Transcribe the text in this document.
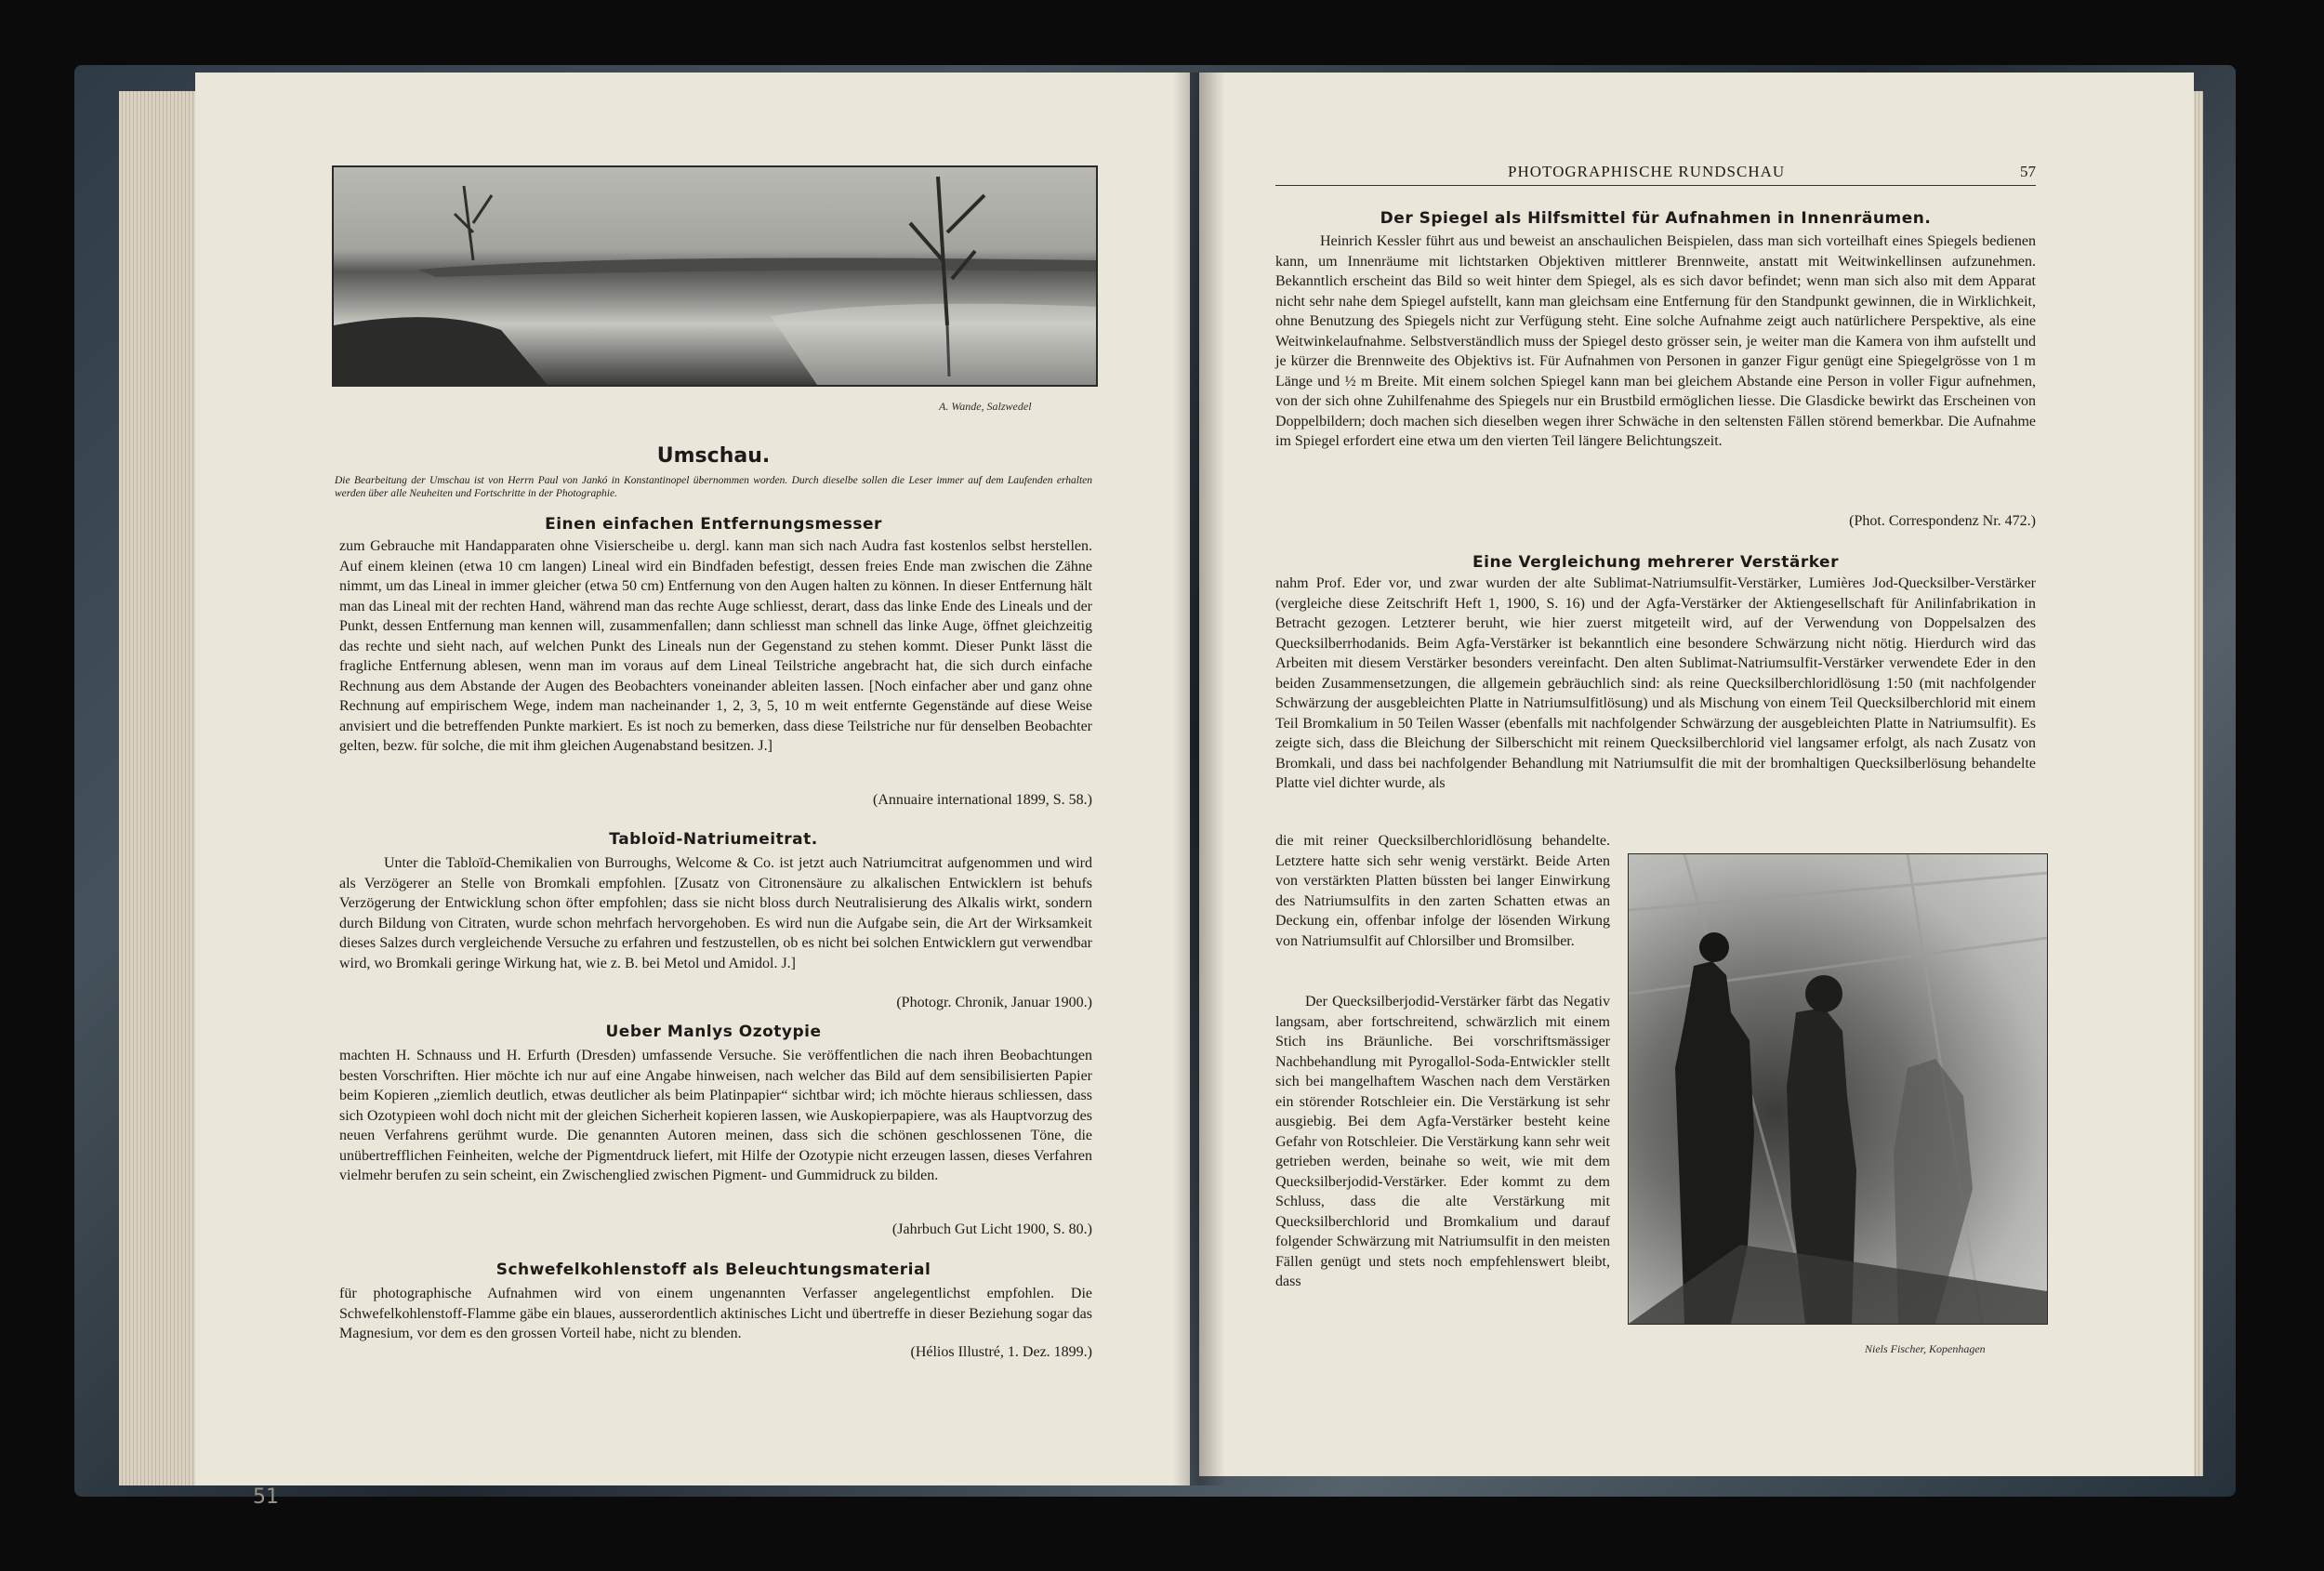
A. Wande, Salzwedel
Umschau.
Die Bearbeitung der Umschau ist von Herrn Paul von Jankó in Konstantinopel übernommen worden. Durch dieselbe sollen die Leser immer auf dem Laufenden erhalten werden über alle Neuheiten und Fortschritte in der Photographie.
Einen einfachen Entfernungsmesser
zum Gebrauche mit Handapparaten ohne Visierscheibe u. dergl. kann man sich nach Audra fast kostenlos selbst herstellen. Auf einem kleinen (etwa 10 cm langen) Lineal wird ein Bindfaden befestigt, dessen freies Ende man zwischen die Zähne nimmt, um das Lineal in immer gleicher (etwa 50 cm) Entfernung von den Augen halten zu können. In dieser Entfernung hält man das Lineal mit der rechten Hand, während man das rechte Auge schliesst, derart, dass das linke Ende des Lineals und der Punkt, dessen Entfernung man kennen will, zusammenfallen; dann schliesst man schnell das linke Auge, öffnet gleichzeitig das rechte und sieht nach, auf welchen Punkt des Lineals nun der Gegenstand zu stehen kommt. Dieser Punkt lässt die fragliche Entfernung ablesen, wenn man im voraus auf dem Lineal Teilstriche angebracht hat, die sich durch einfache Rechnung aus dem Abstande der Augen des Beobachters voneinander ableiten lassen. [Noch einfacher aber und ganz ohne Rechnung auf empirischem Wege, indem man nacheinander 1, 2, 3, 5, 10 m weit entfernte Gegenstände auf diese Weise anvisiert und die betreffenden Punkte markiert. Es ist noch zu bemerken, dass diese Teilstriche nur für denselben Beobachter gelten, bezw. für solche, die mit ihm gleichen Augenabstand besitzen. J.]
(Annuaire international 1899, S. 58.)
Tabloïd-Natriumeitrat.
Unter die Tabloïd-Chemikalien von Burroughs, Welcome & Co. ist jetzt auch Natriumcitrat aufgenommen und wird als Verzögerer an Stelle von Bromkali empfohlen. [Zusatz von Citronensäure zu alkalischen Entwicklern ist behufs Verzögerung der Entwicklung schon öfter empfohlen; dass sie nicht bloss durch Neutralisierung des Alkalis wirkt, sondern durch Bildung von Citraten, wurde schon mehrfach hervorgehoben. Es wird nun die Aufgabe sein, die Art der Wirksamkeit dieses Salzes durch vergleichende Versuche zu erfahren und festzustellen, ob es nicht bei solchen Entwicklern gut verwendbar wird, wo Bromkali geringe Wirkung hat, wie z. B. bei Metol und Amidol. J.]
(Photogr. Chronik, Januar 1900.)
Ueber Manlys Ozotypie
machten H. Schnauss und H. Erfurth (Dresden) umfassende Versuche. Sie veröffentlichen die nach ihren Beobachtungen besten Vorschriften. Hier möchte ich nur auf eine Angabe hinweisen, nach welcher das Bild auf dem sensibilisierten Papier beim Kopieren „ziemlich deutlich, etwas deutlicher als beim Platinpapier“ sichtbar wird; ich möchte hieraus schliessen, dass sich Ozotypieen wohl doch nicht mit der gleichen Sicherheit kopieren lassen, wie Auskopierpapiere, was als Hauptvorzug des neuen Verfahrens gerühmt wurde. Die genannten Autoren meinen, dass sich die schönen geschlossenen Töne, die unübertrefflichen Feinheiten, welche der Pigmentdruck liefert, mit Hilfe der Ozotypie nicht erzeugen lassen, dieses Verfahren vielmehr berufen zu sein scheint, ein Zwischenglied zwischen Pigment- und Gummidruck zu bilden.
(Jahrbuch Gut Licht 1900, S. 80.)
Schwefelkohlenstoff als Beleuchtungsmaterial
für photographische Aufnahmen wird von einem ungenannten Verfasser angelegentlichst empfohlen. Die Schwefelkohlenstoff-Flamme gäbe ein blaues, ausserordentlich aktinisches Licht und übertreffe in dieser Beziehung sogar das Magnesium, vor dem es den grossen Vorteil habe, nicht zu blenden.
(Hélios Illustré, 1. Dez. 1899.)
51
PHOTOGRAPHISCHE RUNDSCHAU	57
Der Spiegel als Hilfsmittel für Aufnahmen in Innenräumen.
Heinrich Kessler führt aus und beweist an anschaulichen Beispielen, dass man sich vorteilhaft eines Spiegels bedienen kann, um Innenräume mit lichtstarken Objektiven mittlerer Brennweite, anstatt mit Weitwinkellinsen aufzunehmen. Bekanntlich erscheint das Bild so weit hinter dem Spiegel, als es sich davor befindet; wenn man sich also mit dem Apparat nicht sehr nahe dem Spiegel aufstellt, kann man gleichsam eine Entfernung für den Standpunkt gewinnen, die in Wirklichkeit, ohne Benutzung des Spiegels nicht zur Verfügung steht. Eine solche Aufnahme zeigt auch natürlichere Perspektive, als eine Weitwinkelaufnahme. Selbstverständlich muss der Spiegel desto grösser sein, je weiter man die Kamera von ihm aufstellt und je kürzer die Brennweite des Objektivs ist. Für Aufnahmen von Personen in ganzer Figur genügt eine Spiegelgrösse von 1 m Länge und ½ m Breite. Mit einem solchen Spiegel kann man bei gleichem Abstande eine Person in voller Figur aufnehmen, von der sich ohne Zuhilfenahme des Spiegels nur ein Brustbild ermöglichen liesse. Die Glasdicke bewirkt das Erscheinen von Doppelbildern; doch machen sich dieselben wegen ihrer Schwäche in den seltensten Fällen störend bemerkbar. Die Aufnahme im Spiegel erfordert eine etwa um den vierten Teil längere Belichtungszeit.
(Phot. Correspondenz Nr. 472.)
Eine Vergleichung mehrerer Verstärker
nahm Prof. Eder vor, und zwar wurden der alte Sublimat-Natriumsulfit-Verstärker, Lumières Jod-Quecksilber-Verstärker (vergleiche diese Zeitschrift Heft 1, 1900, S. 16) und der Agfa-Verstärker der Aktiengesellschaft für Anilinfabrikation in Betracht gezogen. Letzterer beruht, wie hier zuerst mitgeteilt wird, auf der Verwendung von Doppelsalzen des Quecksilberrhodanids. Beim Agfa-Verstärker ist bekanntlich eine besondere Schwärzung nicht nötig. Hierdurch wird das Arbeiten mit diesem Verstärker besonders vereinfacht. Den alten Sublimat-Natriumsulfit-Verstärker verwendete Eder in den beiden Zusammensetzungen, die allgemein gebräuchlich sind: als reine Quecksilberchloridlösung 1:50 (mit nachfolgender Schwärzung der ausgebleichten Platte in Natriumsulfitlösung) und als Mischung von einem Teil Quecksilberchlorid mit einem Teil Bromkalium in 50 Teilen Wasser (ebenfalls mit nachfolgender Schwärzung der ausgebleichten Platte in Natriumsulfit). Es zeigte sich, dass die Bleichung der Silberschicht mit reinem Quecksilberchlorid viel langsamer erfolgt, als nach Zusatz von Bromkali, und dass bei nachfolgender Behandlung mit Natriumsulfit die mit der bromhaltigen Quecksilberlösung behandelte Platte viel dichter wurde, als
die mit reiner Quecksilberchloridlösung behandelte. Letztere hatte sich sehr wenig verstärkt. Beide Arten von verstärkten Platten büssten bei langer Einwirkung des Natriumsulfits in den zarten Schatten etwas an Deckung ein, offenbar infolge der lösenden Wirkung von Natriumsulfit auf Chlorsilber und Bromsilber.
Der Quecksilberjodid-Verstärker färbt das Negativ langsam, aber fortschreitend, schwärzlich mit einem Stich ins Bräunliche. Bei vorschriftsmässiger Nachbehandlung mit Pyrogallol-Soda-Entwickler stellt sich bei mangelhaftem Waschen nach dem Verstärken ein störender Rotschleier ein. Die Verstärkung ist sehr ausgiebig. Bei dem Agfa-Verstärker besteht keine Gefahr von Rotschleier. Die Verstärkung kann sehr weit getrieben werden, beinahe so weit, wie mit dem Quecksilberjodid-Verstärker. Eder kommt zu dem Schluss, dass die alte Verstärkung mit Quecksilberchlorid und Bromkalium und darauf folgender Schwärzung mit Natriumsulfit in den meisten Fällen genügt und stets noch empfehlenswert bleibt, dass
Niels Fischer, Kopenhagen
